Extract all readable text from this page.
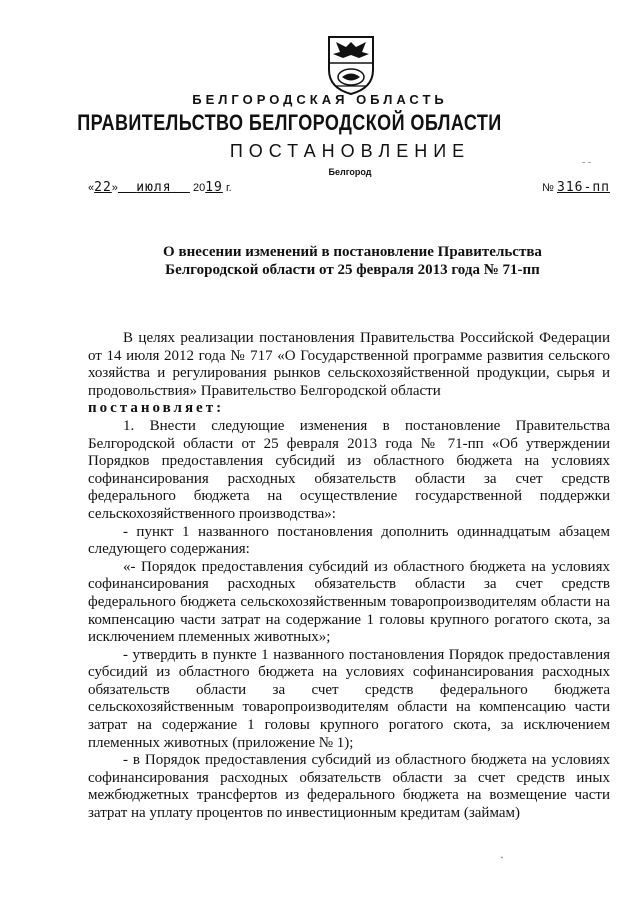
БЕЛГОРОДСКАЯ ОБЛАСТЬ
ПРАВИТЕЛЬСТВО БЕЛГОРОДСКОЙ ОБЛАСТИ
ПОСТАНОВЛЕНИЕ
- -
Белгород
«22» июля 2019 г.	№ 316-пп
О внесении изменений в постановление Правительства
Белгородской области от 25 февраля 2013 года № 71-пп

В целях реализации постановления Правительства Российской Федерации от 14 июля 2012 года № 717 «О Государственной программе развития сельского хозяйства и регулирования рынков сельскохозяйственной продукции, сырья и продовольствия» Правительство Белгородской области

постановляет:

1. Внести следующие изменения в постановление Правительства Белгородской области от 25 февраля 2013 года № 71-пп «Об утверждении Порядков предоставления субсидий из областного бюджета на условиях софинансирования расходных обязательств области за счет средств федерального бюджета на осуществление государственной поддержки сельскохозяйственного производства»:

- пункт 1 названного постановления дополнить одиннадцатым абзацем следующего содержания:

«- Порядок предоставления субсидий из областного бюджета на условиях софинансирования расходных обязательств области за счет средств федерального бюджета сельскохозяйственным товаропроизводителям области на компенсацию части затрат на содержание 1 головы крупного рогатого скота, за исключением племенных животных»;

- утвердить в пункте 1 названного постановления Порядок предоставления субсидий из областного бюджета на условиях софинансирования расходных обязательств области за счет средств федерального бюджета сельскохозяйственным товаропроизводителям области на компенсацию части затрат на содержание 1 головы крупного рогатого скота, за исключением племенных животных (приложение № 1);

- в Порядок предоставления субсидий из областного бюджета на условиях софинансирования расходных обязательств области за счет средств иных межбюджетных трансфертов из федерального бюджета на возмещение части затрат на уплату процентов по инвестиционным кредитам (займам)

ˎ
